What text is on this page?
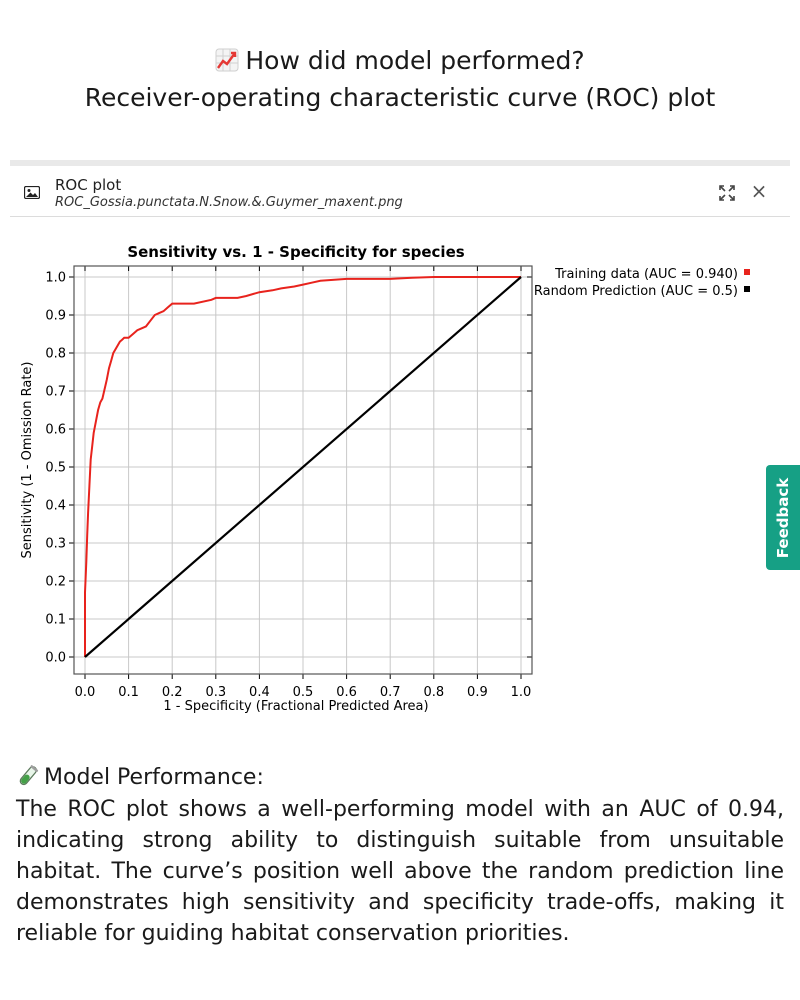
How did model performed?
Receiver-operating characteristic curve (ROC) plot
ROC plot
ROC_Gossia.punctata.N.Snow.&.Guymer_maxent.png	×
Sensitivity vs. 1 - Specificity for species
0.0 0.1 0.2 0.3 0.4 0.5 0.6 0.7 0.8 0.9 1.0
0.0
0.1
0.2
0.3
0.4
0.5
0.6
0.7
0.8
0.9
1.0
1 - Specificity (Fractional Predicted Area)
Sensitivity (1 - Omission Rate)
Training data (AUC = 0.940)
Random Prediction (AUC = 0.5)
Feedback
Model Performance:
The ROC plot shows a well-performing model with an AUC of 0.94, indicating strong ability to distinguish suitable from unsuitable habitat. The curve’s position well above the random prediction line demonstrates high sensitivity and specificity trade-offs, making it reliable for guiding habitat conservation priorities.
